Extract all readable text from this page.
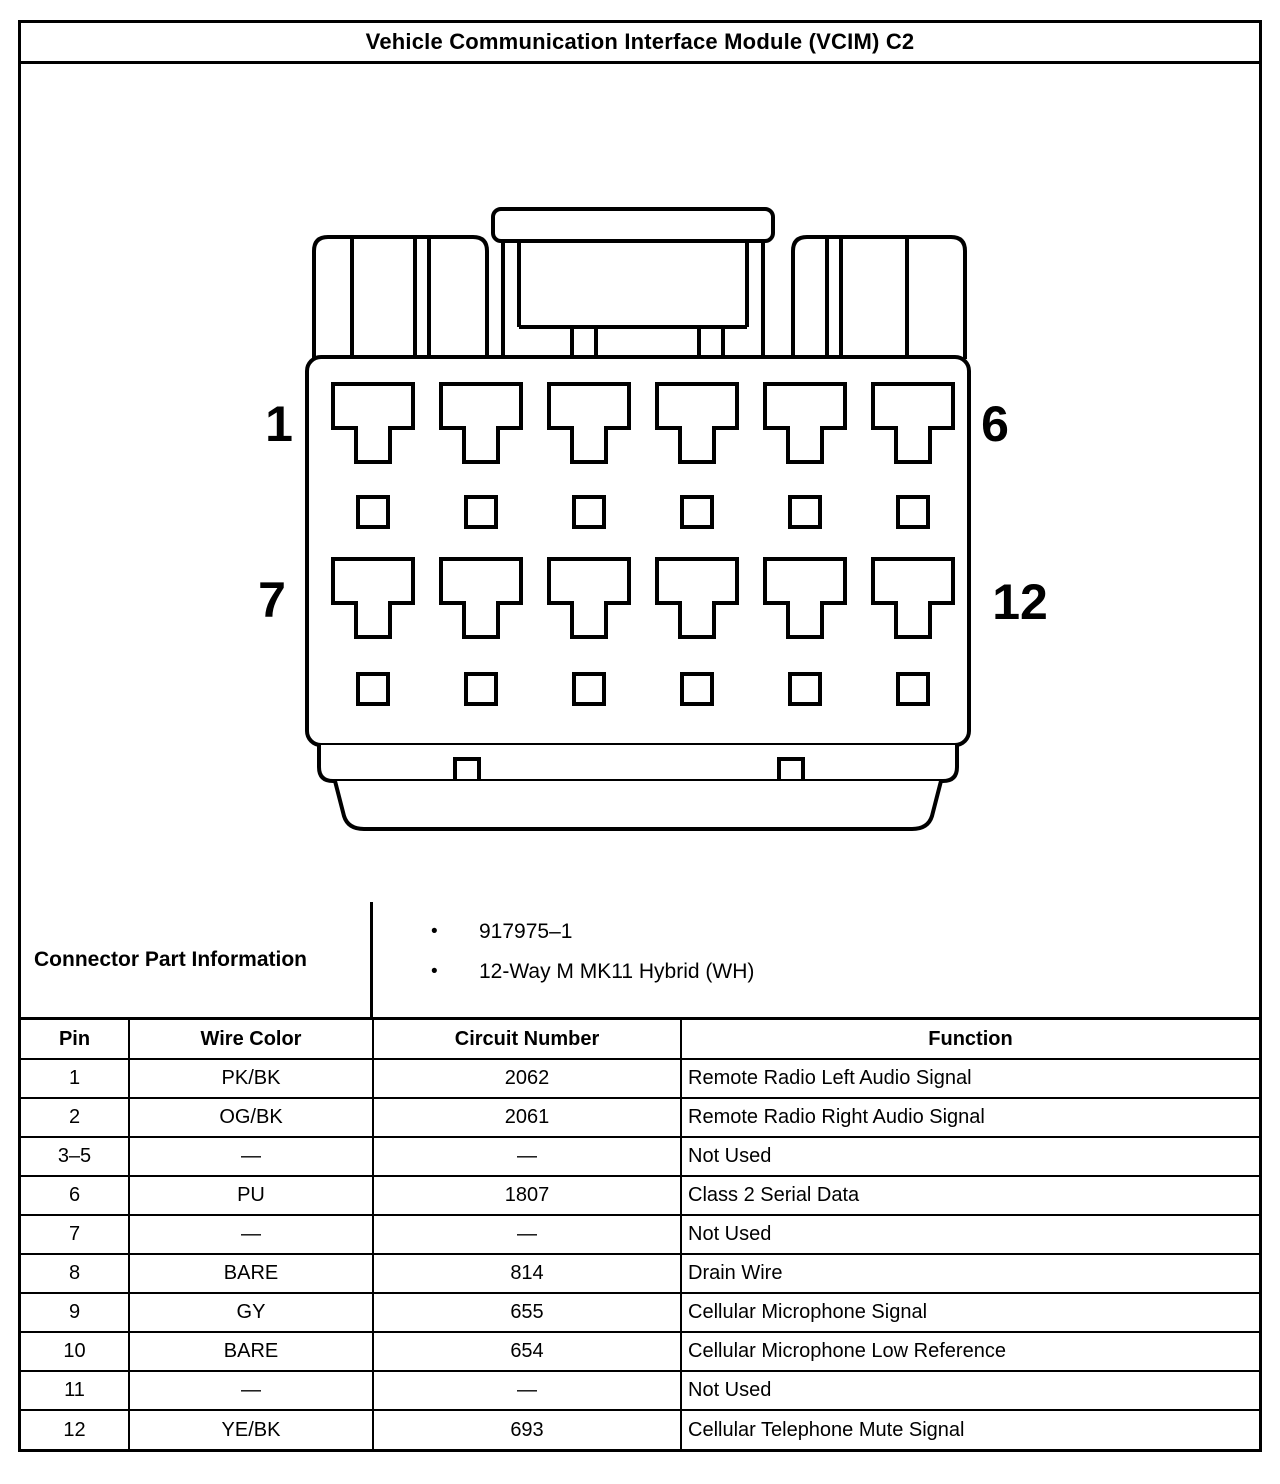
Vehicle Communication Interface Module (VCIM) C2
1	6
7	12
Connector Part Information
•	917975–1
•	12-Way M MK11 Hybrid (WH)
Pin	Wire Color	Circuit Number	Function
1	PK/BK	2062	Remote Radio Left Audio Signal
2	OG/BK	2061	Remote Radio Right Audio Signal
3–5	—	—	Not Used
6	PU	1807	Class 2 Serial Data
7	—	—	Not Used
8	BARE	814	Drain Wire
9	GY	655	Cellular Microphone Signal
10	BARE	654	Cellular Microphone Low Reference
11	—	—	Not Used
12	YE/BK	693	Cellular Telephone Mute Signal
